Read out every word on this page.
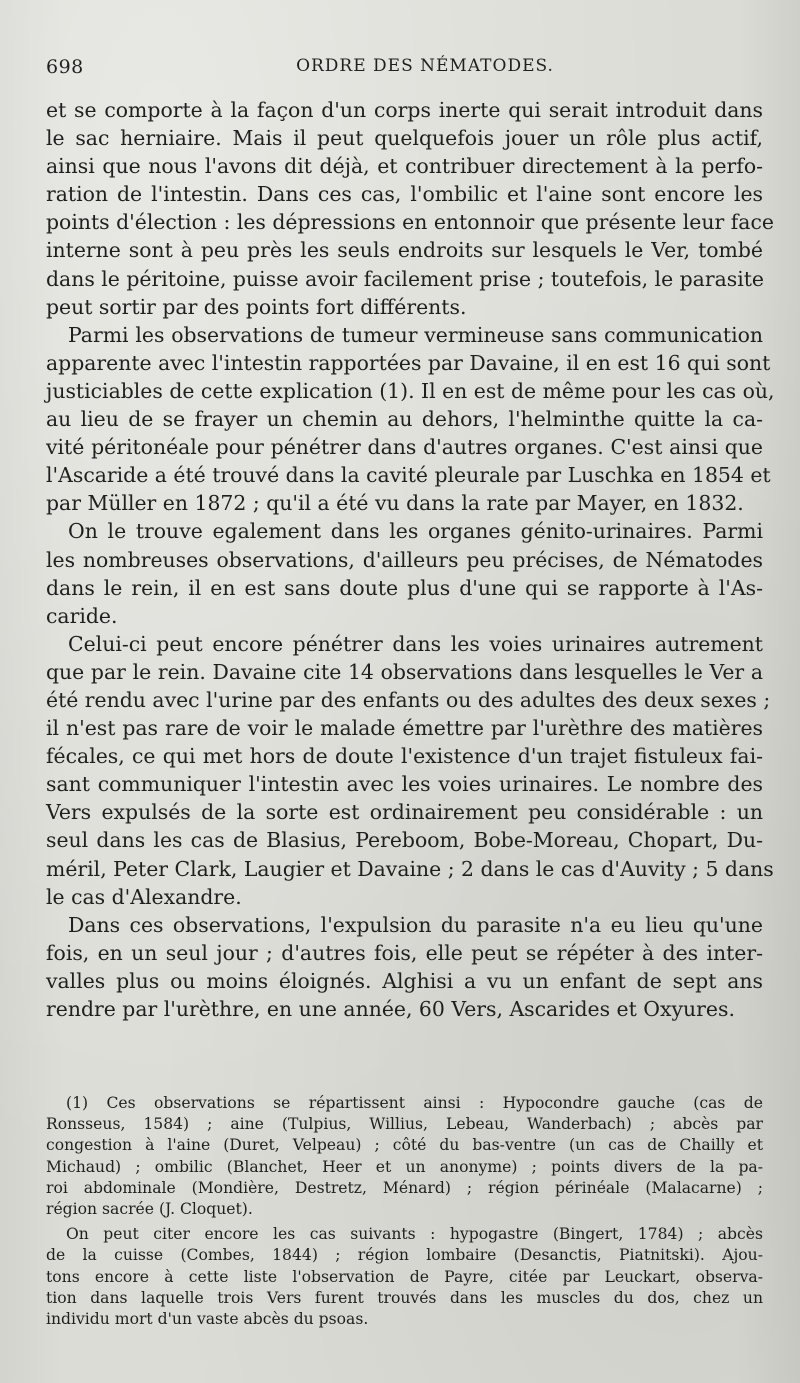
698	ORDRE DES NÉMATODES.
et se comporte à la façon d'un corps inerte qui serait introduit dans
le sac herniaire. Mais il peut quelquefois jouer un rôle plus actif,
ainsi que nous l'avons dit déjà, et contribuer directement à la perfo-
ration de l'intestin. Dans ces cas, l'ombilic et l'aine sont encore les
points d'élection : les dépressions en entonnoir que présente leur face
interne sont à peu près les seuls endroits sur lesquels le Ver, tombé
dans le péritoine, puisse avoir facilement prise ; toutefois, le parasite
peut sortir par des points fort différents.
Parmi les observations de tumeur vermineuse sans communication
apparente avec l'intestin rapportées par Davaine, il en est 16 qui sont
justiciables de cette explication (1). Il en est de même pour les cas où,
au lieu de se frayer un chemin au dehors, l'helminthe quitte la ca-
vité péritonéale pour pénétrer dans d'autres organes. C'est ainsi que
l'Ascaride a été trouvé dans la cavité pleurale par Luschka en 1854 et
par Müller en 1872 ; qu'il a été vu dans la rate par Mayer, en 1832.
On le trouve egalement dans les organes génito-urinaires. Parmi
les nombreuses observations, d'ailleurs peu précises, de Nématodes
dans le rein, il en est sans doute plus d'une qui se rapporte à l'As-
caride.
Celui-ci peut encore pénétrer dans les voies urinaires autrement
que par le rein. Davaine cite 14 observations dans lesquelles le Ver a
été rendu avec l'urine par des enfants ou des adultes des deux sexes ;
il n'est pas rare de voir le malade émettre par l'urèthre des matières
fécales, ce qui met hors de doute l'existence d'un trajet fistuleux fai-
sant communiquer l'intestin avec les voies urinaires. Le nombre des
Vers expulsés de la sorte est ordinairement peu considérable : un
seul dans les cas de Blasius, Pereboom, Bobe-Moreau, Chopart, Du-
méril, Peter Clark, Laugier et Davaine ; 2 dans le cas d'Auvity ; 5 dans
le cas d'Alexandre.
Dans ces observations, l'expulsion du parasite n'a eu lieu qu'une
fois, en un seul jour ; d'autres fois, elle peut se répéter à des inter-
valles plus ou moins éloignés. Alghisi a vu un enfant de sept ans
rendre par l'urèthre, en une année, 60 Vers, Ascarides et Oxyures.
(1) Ces observations se répartissent ainsi : Hypocondre gauche (cas de
Ronsseus, 1584) ; aine (Tulpius, Willius, Lebeau, Wanderbach) ; abcès par
congestion à l'aine (Duret, Velpeau) ; côté du bas-ventre (un cas de Chailly et
Michaud) ; ombilic (Blanchet, Heer et un anonyme) ; points divers de la pa-
roi abdominale (Mondière, Destretz, Ménard) ; région périnéale (Malacarne) ;
région sacrée (J. Cloquet).
On peut citer encore les cas suivants : hypogastre (Bingert, 1784) ; abcès
de la cuisse (Combes, 1844) ; région lombaire (Desanctis, Piatnitski). Ajou-
tons encore à cette liste l'observation de Payre, citée par Leuckart, observa-
tion dans laquelle trois Vers furent trouvés dans les muscles du dos, chez un
individu mort d'un vaste abcès du psoas.
